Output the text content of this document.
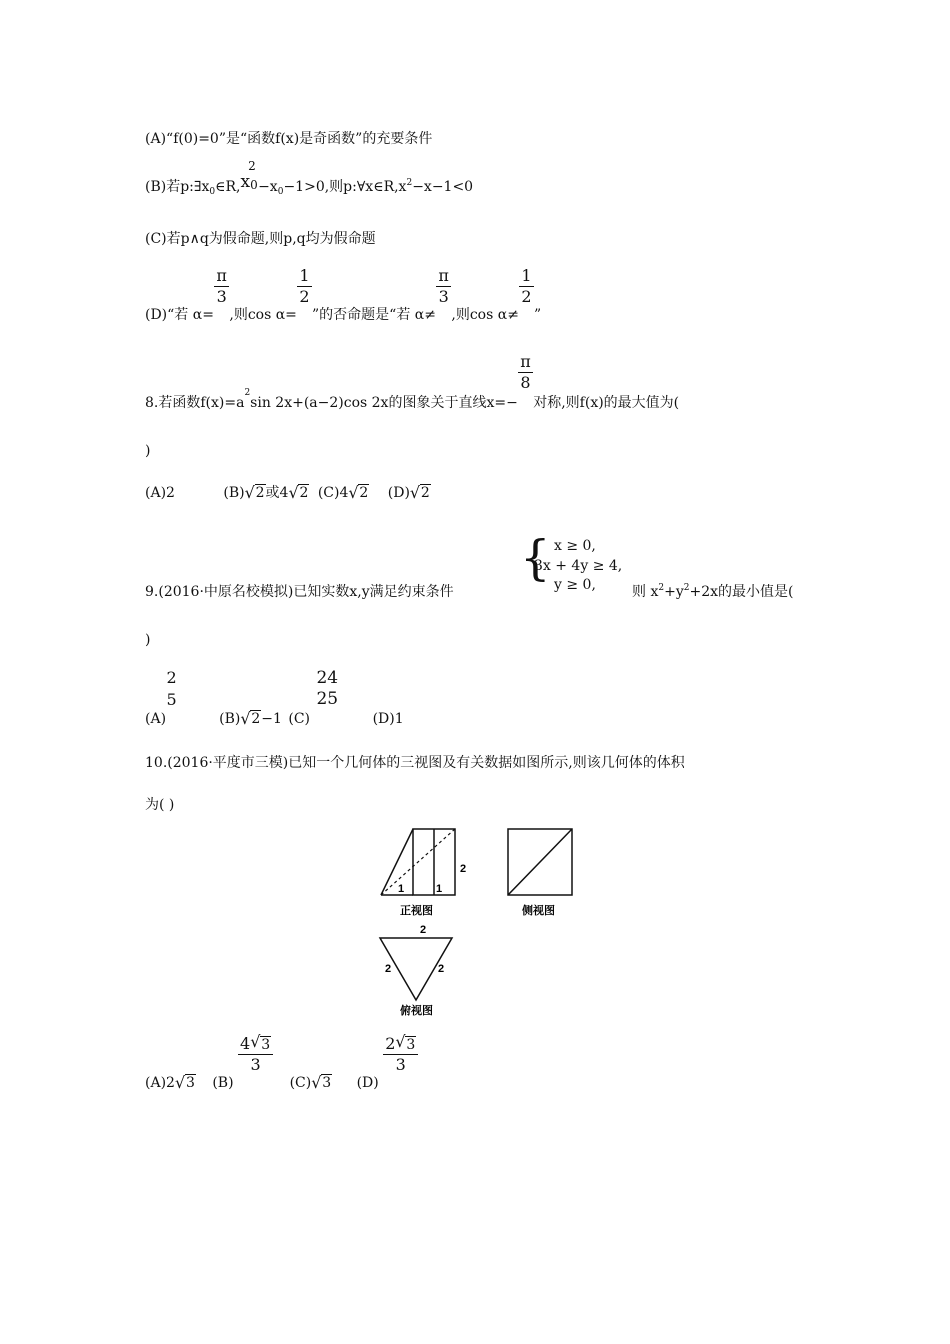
(A)“f(0)=0”是“函数f(x)是奇函数”的充要条件
(B)若$p:\exists x_0\in R,x$
2
$0-x_0-1>0$,则$p:\forall x\in R,x^2-x-1<0$
(C)若p∧q为假命题,则p,q均为假命题
(D)“若 α=
$\frac{\pi}{3}$
,则cos α=
$\frac{1}{2}$
”的否命题是“若 α≠
$\frac{\pi}{3}$
,则cos α≠
$\frac{1}{2}$
”
8.若函数$f(x)=a_2\sin$ 2x+(a−2)cos 2x的图象关于直线x=−
$\frac{\pi}{8}$
对称,则f(x)的最大值为(
)
(A)2	(B) √ 2或4 √ 2 (C)4 √ 2 (D) √ 2
9.(2016·中原名校模拟)已知实数x,y满足约束条件
{ x ≥ 0,
3x + 4y ≥ 4,
y ≥ 0,	则 $x^2+y^2+2x$的最小值是(
)
(A)
2
5
(B) √ 2−1 (C)
24
25
(D)1
10.(2016·平度市三模)已知一个几何体的三视图及有关数据如图所示,则该几何体的体积
为( )
2
1	1
正视图	侧视图
2
2	2
俯视图
(A)2 √ 3 (B)
$\frac{4 √ 3}{3}$
(C) √ 3 (D)
$\frac{2 √ 3}{3}$
